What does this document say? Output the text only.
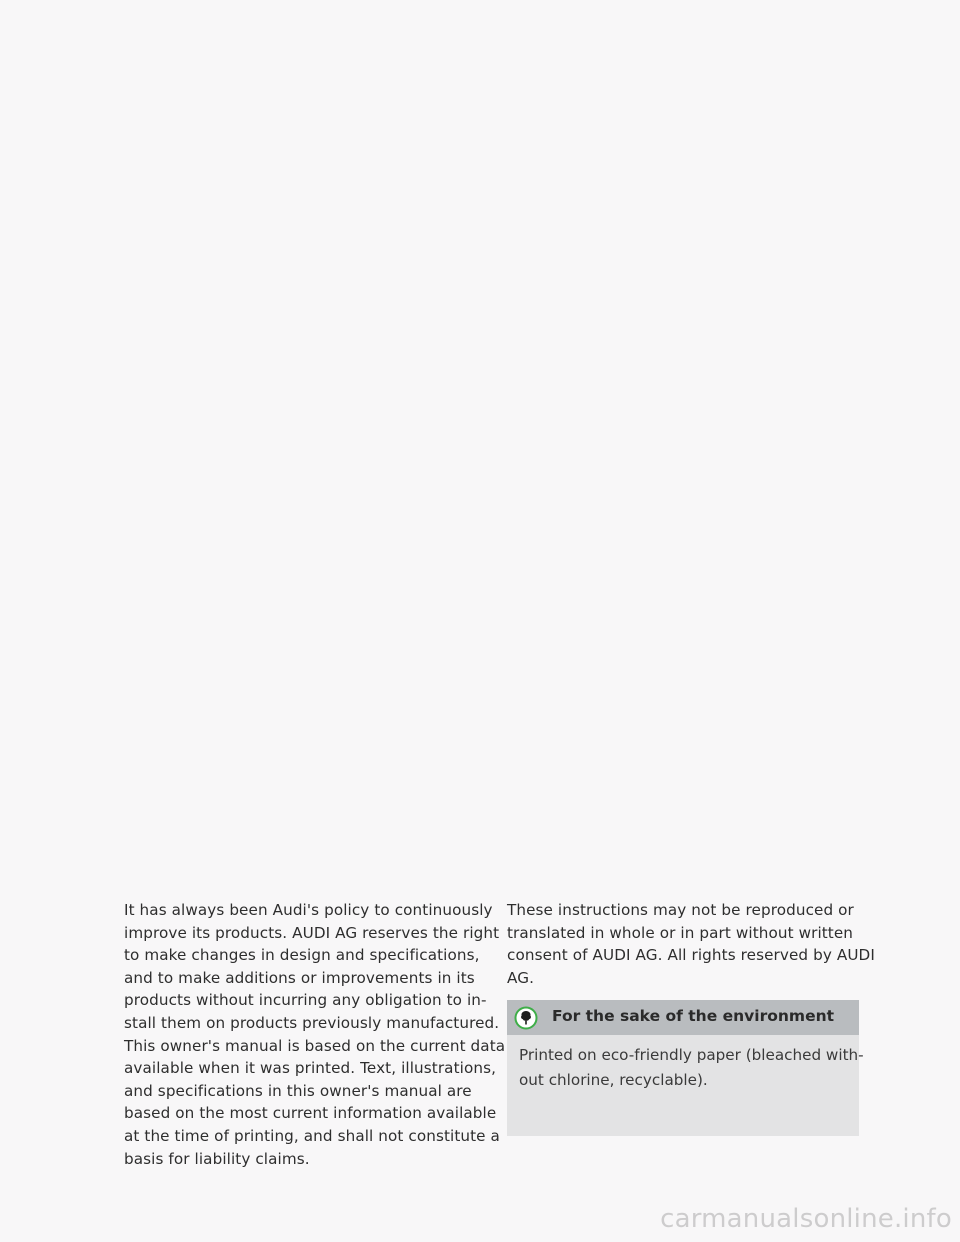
It has always been Audi's policy to continuously
improve its products. AUDI AG reserves the right
to make changes in design and specifications,
and to make additions or improvements in its
products without incurring any obligation to in-
stall them on products previously manufactured.
This owner's manual is based on the current data
available when it was printed. Text, illustrations,
and specifications in this owner's manual are
based on the most current information available
at the time of printing, and shall not constitute a
basis for liability claims.
These instructions may not be reproduced or
translated in whole or in part without written
consent of AUDI AG. All rights reserved by AUDI
AG.
For the sake of the environment
Printed on eco-friendly paper (bleached with-
out chlorine, recyclable).
carmanualsonline.info
